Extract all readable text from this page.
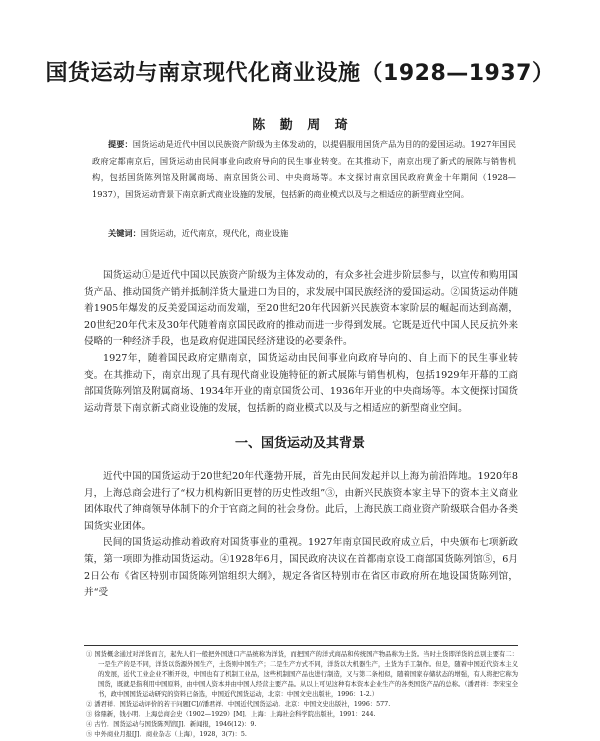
国货运动与南京现代化商业设施（1928—1937）
陈 勤 周 琦
提要：国货运动是近代中国以民族资产阶级为主体发动的，以提倡服用国货产品为目的的爱国运动。1927年国民政府定都南京后，国货运动由民间事业向政府导向的民生事业转变。在其推动下，南京出现了新式的展陈与销售机构，包括国货陈列馆及附属商场、南京国货公司、中央商场等。本文探讨南京国民政府黄金十年期间（1928—1937），国货运动背景下南京新式商业设施的发展，包括新的商业模式以及与之相适应的新型商业空间。
关键词：国货运动，近代南京，现代化，商业设施

国货运动①是近代中国以民族资产阶级为主体发动的，有众多社会进步阶层参与，以宣传和购用国货产品、推动国货产销并抵制洋货大量进口为目的，求发展中国民族经济的爱国运动。②国货运动伴随着1905年爆发的反美爱国运动而发端，至20世纪20年代因新兴民族资本家阶层的崛起而达到高潮，20世纪20年代末及30年代随着南京国民政府的推动而进一步得到发展。它既是近代中国人民反抗外来侵略的一种经济手段，也是政府促进国民经济建设的必要条件。

1927年，随着国民政府定鼎南京，国货运动由民间事业向政府导向的、自上而下的民生事业转变。在其推动下，南京出现了具有现代商业设施特征的新式展陈与销售机构，包括1929年开幕的工商部国货陈列馆及附属商场、1934年开业的南京国货公司、1936年开业的中央商场等。本文便探讨国货运动背景下南京新式商业设施的发展，包括新的商业模式以及与之相适应的新型商业空间。

一、国货运动及其背景

近代中国的国货运动于20世纪20年代蓬勃开展，首先由民间发起并以上海为前沿阵地。1920年8月，上海总商会进行了“权力机构新旧更替的历史性改组”③，由新兴民族资本家主导下的资本主义商业团体取代了绅商领导体制下的介于官商之间的社会身份。此后，上海民族工商业资产阶级联合倡办各类国货实业团体。

民间的国货运动推动着政府对国货事业的重视。1927年南京国民政府成立后，中央颁布七项新政策，第一项即为推动国货运动。④1928年6月，国民政府决议在首都南京设工商部国货陈列馆⑤，6月2日公布《省区特别市国货陈列馆组织大纲》，规定各省区特别市在省区市政府所在地设国货陈列馆，并“受

① 国货概念通过对洋货而言，起先人们一般把外国进口产品统称为洋货，而把国产的洋式商品和传统国产物品称为土货。当时土货即洋货的总别主要有二：一是生产的是不同，洋货以货源外国生产，土货则中国生产；二是生产方式不同，洋货以大机器生产，土货为手工制作。但是，随着中国近代资本主义的发展，近代工业企业不断开设，中国也有了机制工业品，这些机制国产品也进行制造，又与第二条相似，随着国家存储状态的增强，有人将把它称为国货，既就是指利用中国原料，由中国人资本并由中国人经营主要产品。从以上可见这种有本资本企业生产的各类国货产品的总称。（潘君祥：李宋宝全书，政中国国货运动研究的资料已备选，中国近代国货运动，北京：中国文史出版社，1996：1-2.）

② 潘君祥．国货运动评价的若干问题[C]//潘君祥．中国近代国货运动．北京：中国文史出版社，1996：577.

③ 徐鼎新，钱小明．上海总商会史（1902—1929）[M]．上海：上海社会科学院出版社，1991：244.

④ 古竹．国货运动与国货陈列馆[J]．新闻报，1946(12)：9.

⑤ 中外商业月报[J]．商业杂志（上海），1928，3(7)：5.
